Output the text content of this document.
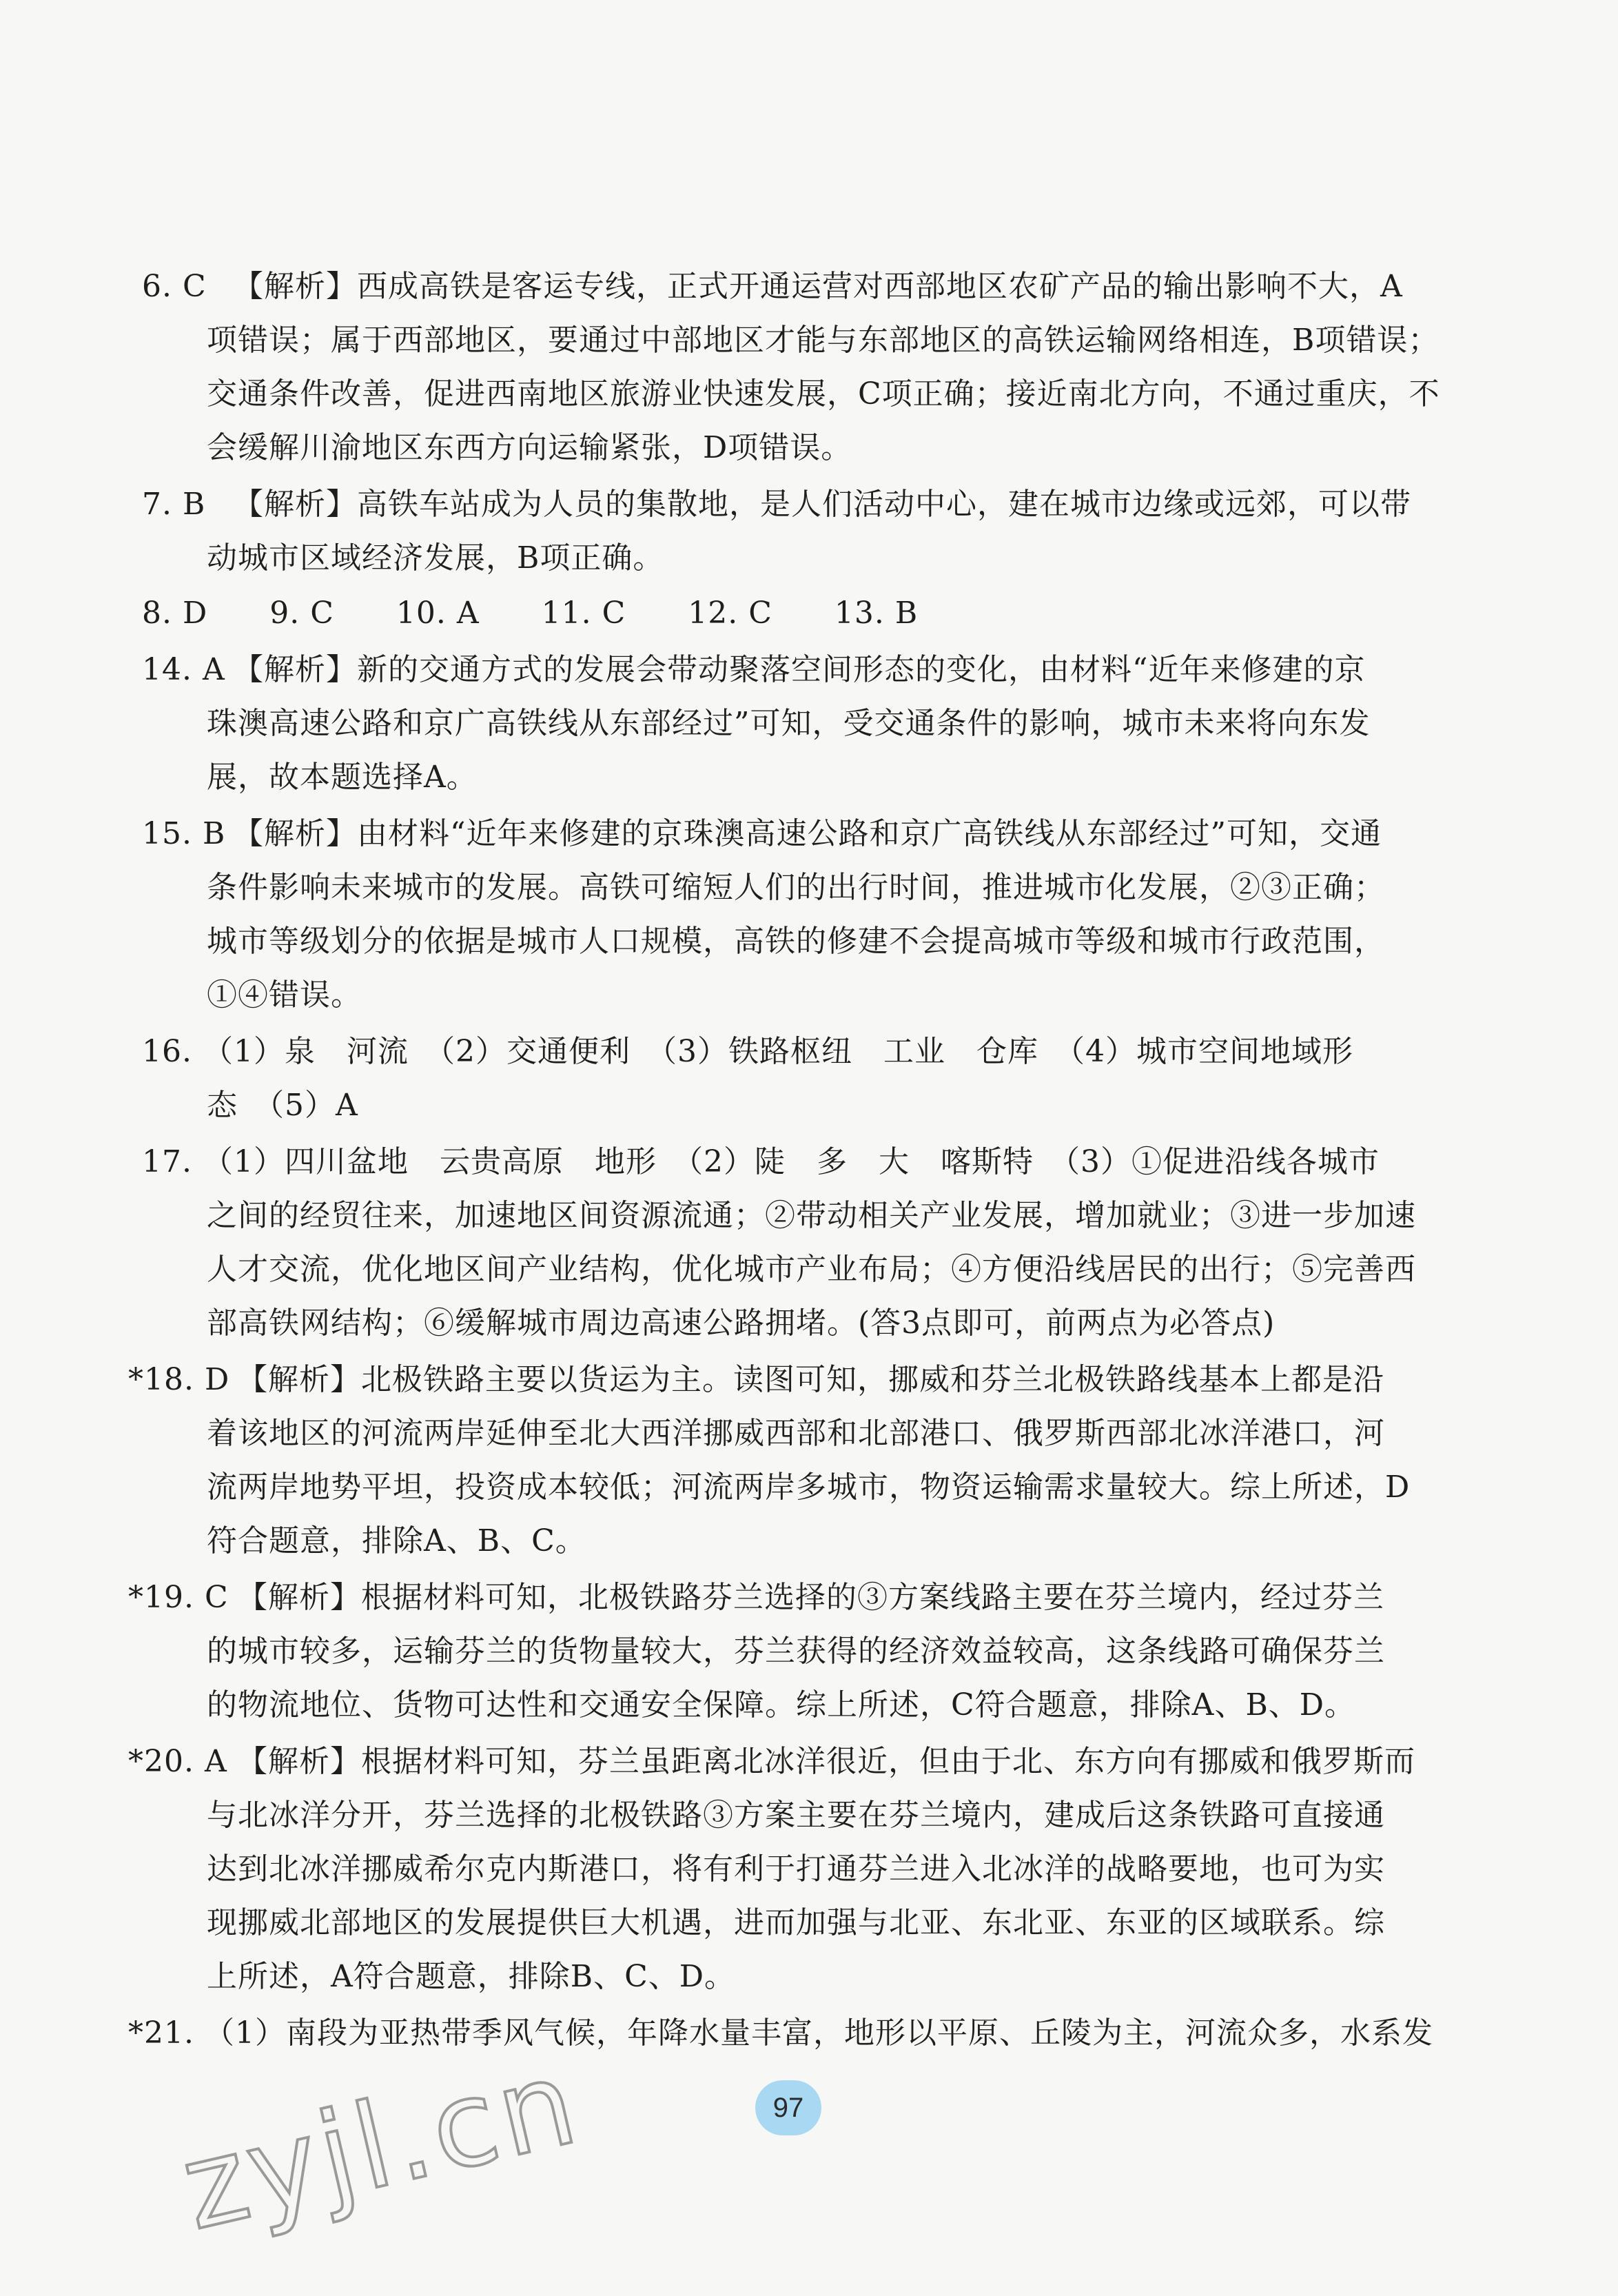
6. C 【解析】西成高铁是客运专线，正式开通运营对西部地区农矿产品的输出影响不大，A
项错误；属于西部地区，要通过中部地区才能与东部地区的高铁运输网络相连，B项错误；
交通条件改善，促进西南地区旅游业快速发展，C项正确；接近南北方向，不通过重庆，不
会缓解川渝地区东西方向运输紧张，D项错误。
7. B 【解析】高铁车站成为人员的集散地，是人们活动中心，建在城市边缘或远郊，可以带
动城市区域经济发展，B项正确。
8. D　　9. C　　10. A　　11. C　　12. C　　13. B
14. A 【解析】新的交通方式的发展会带动聚落空间形态的变化，由材料“近年来修建的京
珠澳高速公路和京广高铁线从东部经过”可知，受交通条件的影响，城市未来将向东发
展，故本题选择A。
15. B 【解析】由材料“近年来修建的京珠澳高速公路和京广高铁线从东部经过”可知，交通
条件影响未来城市的发展。高铁可缩短人们的出行时间，推进城市化发展，②③正确；
城市等级划分的依据是城市人口规模，高铁的修建不会提高城市等级和城市行政范围，
①④错误。
16. （1）泉　河流　（2）交通便利　（3）铁路枢纽　工业　仓库　（4）城市空间地域形
态　（5）A
17. （1）四川盆地　云贵高原　地形　（2）陡　多　大　喀斯特　（3）①促进沿线各城市
之间的经贸往来，加速地区间资源流通；②带动相关产业发展，增加就业；③进一步加速
人才交流，优化地区间产业结构，优化城市产业布局；④方便沿线居民的出行；⑤完善西
部高铁网结构；⑥缓解城市周边高速公路拥堵。(答3点即可，前两点为必答点)
*18. D 【解析】北极铁路主要以货运为主。读图可知，挪威和芬兰北极铁路线基本上都是沿
着该地区的河流两岸延伸至北大西洋挪威西部和北部港口、俄罗斯西部北冰洋港口，河
流两岸地势平坦，投资成本较低；河流两岸多城市，物资运输需求量较大。综上所述，D
符合题意，排除A、B、C。
*19. C 【解析】根据材料可知，北极铁路芬兰选择的③方案线路主要在芬兰境内，经过芬兰
的城市较多，运输芬兰的货物量较大，芬兰获得的经济效益较高，这条线路可确保芬兰
的物流地位、货物可达性和交通安全保障。综上所述，C符合题意，排除A、B、D。
*20. A 【解析】根据材料可知，芬兰虽距离北冰洋很近，但由于北、东方向有挪威和俄罗斯而
与北冰洋分开，芬兰选择的北极铁路③方案主要在芬兰境内，建成后这条铁路可直接通
达到北冰洋挪威希尔克内斯港口，将有利于打通芬兰进入北冰洋的战略要地，也可为实
现挪威北部地区的发展提供巨大机遇，进而加强与北亚、东北亚、东亚的区域联系。综
上所述，A符合题意，排除B、C、D。
*21. （1）南段为亚热带季风气候，年降水量丰富，地形以平原、丘陵为主，河流众多，水系发
97
zyjl.cn
